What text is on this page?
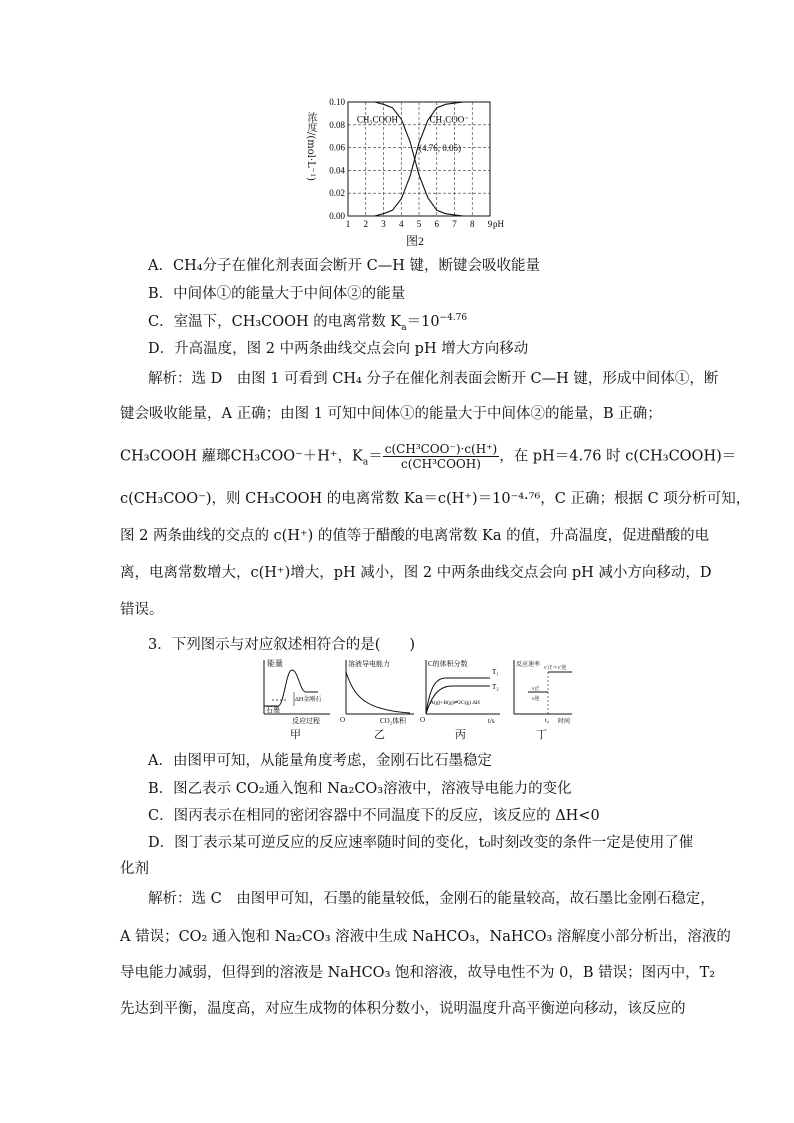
0.00
0.02
0.04
0.06
0.08
0.10
1 2 3 4 5 6 7 8 9 pH
CH₃COOH	CH₃COO⁻
(4.76, 0.05)
图2
浓度/(mol·L⁻¹)
A．CH₄分子在催化剂表面会断开 C—H 键，断键会吸收能量
B．中间体①的能量大于中间体②的能量
C．室温下，CH₃COOH 的电离常数 $K_a=10^{-4.76}$
D．升高温度，图 2 中两条曲线交点会向 pH 增大方向移动
解析：选 D　由图 1 可看到 CH₄ 分子在催化剂表面会断开 C—H 键，形成中间体①，断
键会吸收能量，A 正确；由图 1 可知中间体①的能量大于中间体②的能量，B 正确；
CH₃COOH 蘿瑯CH₃COO⁻＋H⁺，$K_a= \frac{\text{c(CH³COO⁻)·c(H⁺)}}{\text{c(CH³COOH)}}$ ，在 pH＝4.76 时 c(CH₃COOH)＝
c(CH₃COO⁻)，则 CH₃COOH 的电离常数 Ka＝c(H⁺)＝10⁻⁴·⁷⁶，C 正确；根据 C 项分析可知，
图 2 两条曲线的交点的 c(H⁺) 的值等于醋酸的电离常数 Ka 的值，升高温度，促进醋酸的电
离，电离常数增大，c(H⁺)增大，pH 减小，图 2 中两条曲线交点会向 pH 减小方向移动，D
错误。
3．下列图示与对应叙述相符合的是(　　)
能量
石墨
ΔH金刚石
反应过程
甲
溶液导电能力
O	CO₂体积
乙
C的体积分数
T₁
T₂
A(g)+B(g)⇌2C(g) ΔH
O	t/s
丙
反应速率
v′正＝v′逆
v正
v逆
t₀ 时间
丁
A．由图甲可知，从能量角度考虑，金刚石比石墨稳定
B．图乙表示 CO₂通入饱和 Na₂CO₃溶液中，溶液导电能力的变化
C．图丙表示在相同的密闭容器中不同温度下的反应，该反应的 ΔH<0
D．图丁表示某可逆反应的反应速率随时间的变化，t₀时刻改变的条件一定是使用了催
化剂
解析：选 C　由图甲可知，石墨的能量较低，金刚石的能量较高，故石墨比金刚石稳定，
A 错误；CO₂ 通入饱和 Na₂CO₃ 溶液中生成 NaHCO₃，NaHCO₃ 溶解度小部分析出，溶液的
导电能力减弱，但得到的溶液是 NaHCO₃ 饱和溶液，故导电性不为 0，B 错误；图丙中，T₂
先达到平衡，温度高，对应生成物的体积分数小，说明温度升高平衡逆向移动，该反应的
